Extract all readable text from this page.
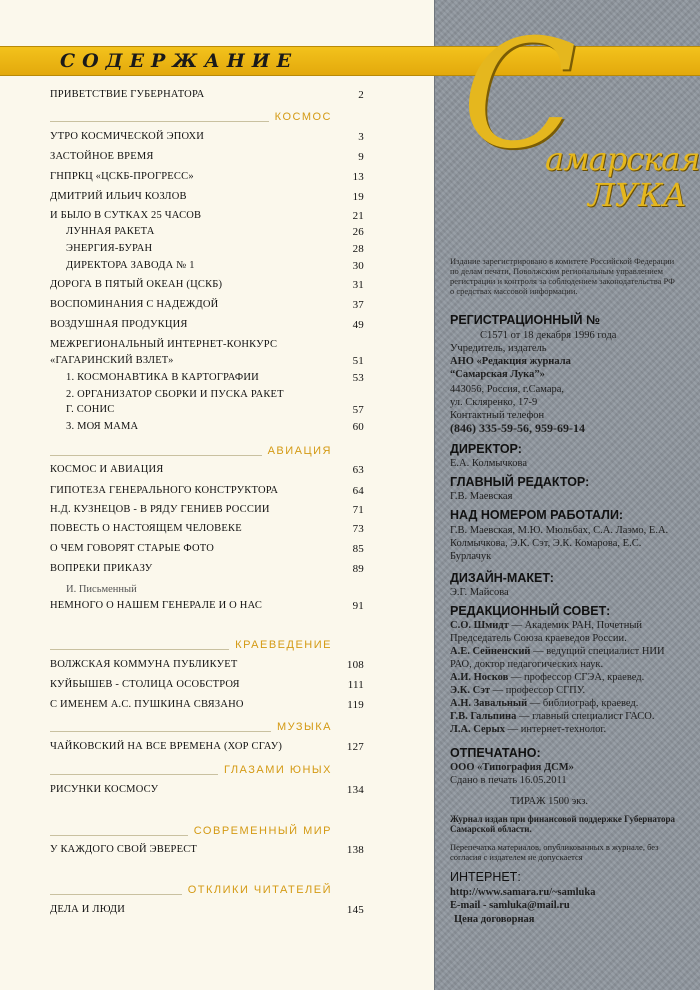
СОДЕРЖАНИЕ С
амарская
ЛУКА
ПРИВЕТСТВИЕ ГУБЕРНАТОРА	2
КОСМОС
УТРО КОСМИЧЕСКОЙ ЭПОХИ	3
ЗАСТОЙНОЕ ВРЕМЯ	9
ГНПРКЦ «ЦСКБ-ПРОГРЕСС»	13
ДМИТРИЙ ИЛЬИЧ КОЗЛОВ	19
И БЫЛО В СУТКАХ 25 ЧАСОВ	21
ЛУННАЯ РАКЕТА	26
ЭНЕРГИЯ-БУРАН	28
ДИРЕКТОРА ЗАВОДА № 1	30
ДОРОГА В ПЯТЫЙ ОКЕАН (ЦСКБ)	31
ВОСПОМИНАНИЯ С НАДЕЖДОЙ	37
ВОЗДУШНАЯ ПРОДУКЦИЯ	49
МЕЖРЕГИОНАЛЬНЫЙ ИНТЕРНЕТ-КОНКУРС
«ГАГАРИНСКИЙ ВЗЛЕТ»	51
1. КОСМОНАВТИКА В КАРТОГРАФИИ	53
2. ОРГАНИЗАТОР СБОРКИ И ПУСКА РАКЕТ
Г. СОНИС	57
3. МОЯ МАМА	60
АВИАЦИЯ
КОСМОС И АВИАЦИЯ	63
ГИПОТЕЗА ГЕНЕРАЛЬНОГО КОНСТРУКТОРА	64
Н.Д. КУЗНЕЦОВ - В РЯДУ ГЕНИЕВ РОССИИ	71
ПОВЕСТЬ О НАСТОЯЩЕМ ЧЕЛОВЕКЕ	73
О ЧЕМ ГОВОРЯТ СТАРЫЕ ФОТО	85
ВОПРЕКИ ПРИКАЗУ	89
И. Письменный
НЕМНОГО О НАШЕМ ГЕНЕРАЛЕ И О НАС	91
КРАЕВЕДЕНИЕ
ВОЛЖСКАЯ КОММУНА ПУБЛИКУЕТ	108
КУЙБЫШЕВ - СТОЛИЦА ОСОБСТРОЯ	111
С ИМЕНЕМ А.С. ПУШКИНА СВЯЗАНО	119
МУЗЫКА
ЧАЙКОВСКИЙ НА ВСЕ ВРЕМЕНА (ХОР СГАУ)	127
ГЛАЗАМИ ЮНЫХ
РИСУНКИ КОСМОСУ	134
СОВРЕМЕННЫЙ МИР
У КАЖДОГО СВОЙ ЭВЕРЕСТ	138
ОТКЛИКИ ЧИТАТЕЛЕЙ
ДЕЛА И ЛЮДИ	145
Издание зарегистрировано в комитете Российской Федерации по делам печати, Поволжским региональным управлением регистрации и контроля за соблюдением законодательства РФ о средствах массовой информации.
РЕГИСТРАЦИОННЫЙ №
С1571 от 18 декабря 1996 года
Учредитель, издатель
АНО «Редакция журнала
“Самарская Лука”»
443056, Россия, г.Самара,
ул. Скляренко, 17-9
Контактный телефон
(846) 335-59-56, 959-69-14
ДИРЕКТОР:
Е.А. Колмычкова
ГЛАВНЫЙ РЕДАКТОР:
Г.В. Маевская
НАД НОМЕРОМ РАБОТАЛИ:
Г.В. Маевская, М.Ю. Мюльбах, С.А. Лаэмо, Е.А. Колмычкова, Э.К. Сэт, Э.К. Комарова, Е.С. Бурлачук
ДИЗАЙН-МАКЕТ:
Э.Г. Майсова
РЕДАКЦИОННЫЙ СОВЕТ:
С.О. Шмидт — Академик РАН, Почетный Председатель Союза краеведов России.
А.Е. Сейненский — ведущий специалист НИИ РАО, доктор педагогических наук.
А.И. Носков — профессор СГЭА, краевед.
Э.К. Сэт — профессор СГПУ.
А.Н. Завальный — библиограф, краевед.
Г.В. Гальпина — главный специалист ГАСО.
Л.А. Серых — интернет-технолог.
ОТПЕЧАТАНО:
ООО «Типография ДСМ»
Сдано в печать 16.05.2011
ТИРАЖ 1500 экз.
Журнал издан при финансовой поддержке Губернатора Самарской области.
Перепечатка материалов, опубликованных в журнале, без согласия с издателем не допускается
ИНТЕРНЕТ:
http://www.samara.ru/~samluka
E-mail - samluka@mail.ru
Цена договорная
